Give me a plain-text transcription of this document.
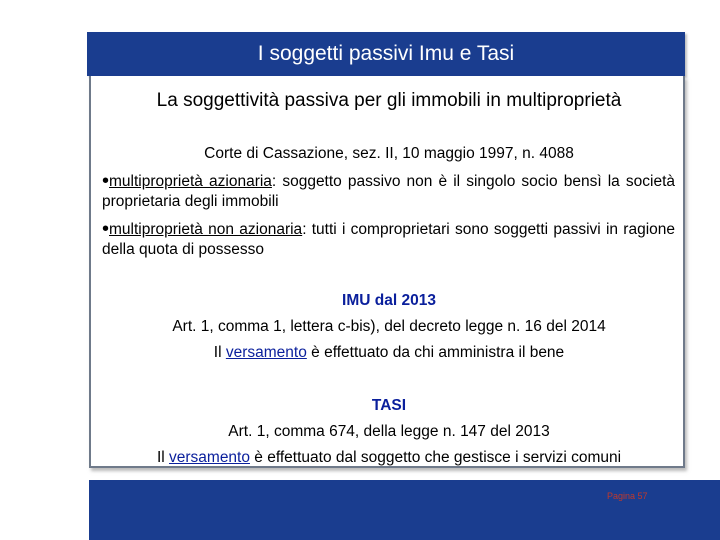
I soggetti passivi Imu e Tasi
La soggettività passiva per gli immobili in multiproprietà
Corte di Cassazione, sez. II, 10 maggio 1997, n. 4088
•multiproprietà azionaria: soggetto passivo non è il singolo socio bensì la società proprietaria degli immobili
•multiproprietà non azionaria: tutti i comproprietari sono soggetti passivi in ragione della quota di possesso
IMU dal 2013
Art. 1, comma 1, lettera c-bis), del decreto legge n. 16 del 2014
Il versamento è effettuato da chi amministra il bene
TASI
Art. 1, comma 674, della legge n. 147 del 2013
Il versamento è effettuato dal soggetto che gestisce i servizi comuni
Pagina 57
